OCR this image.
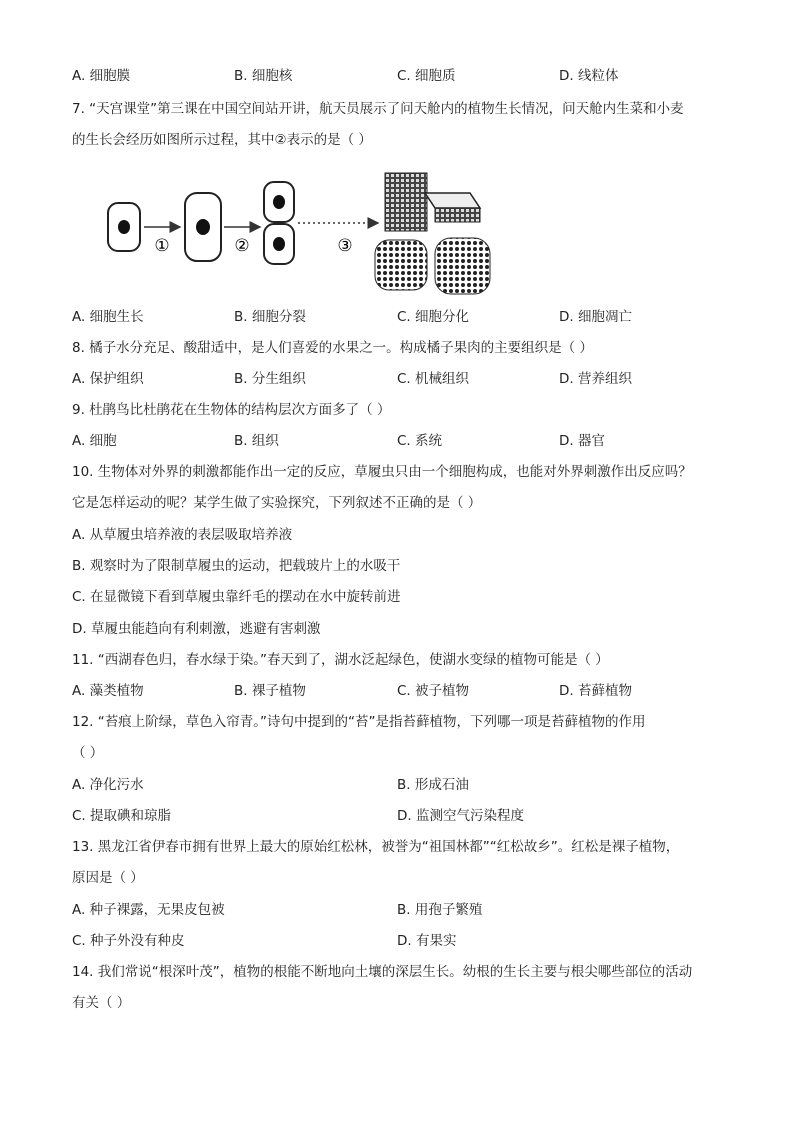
A. 细胞膜	B. 细胞核	C. 细胞质	D. 线粒体
7. “天宫课堂”第三课在中国空间站开讲，航天员展示了问天舱内的植物生长情况，问天舱内生菜和小麦
的生长会经历如图所示过程，其中②表示的是（ ）
①	②	③
A. 细胞生长	B. 细胞分裂	C. 细胞分化	D. 细胞凋亡
8. 橘子水分充足、酸甜适中，是人们喜爱的水果之一。构成橘子果肉的主要组织是（ ）
A. 保护组织	B. 分生组织	C. 机械组织	D. 营养组织
9. 杜鹃鸟比杜鹃花在生物体的结构层次方面多了（ ）
A. 细胞	B. 组织	C. 系统	D. 器官
10. 生物体对外界的刺激都能作出一定的反应，草履虫只由一个细胞构成，也能对外界刺激作出反应吗？
它是怎样运动的呢？某学生做了实验探究，下列叙述不正确的是（ ）
A. 从草履虫培养液的表层吸取培养液
B. 观察时为了限制草履虫的运动，把载玻片上的水吸干
C. 在显微镜下看到草履虫靠纤毛的摆动在水中旋转前进
D. 草履虫能趋向有利刺激，逃避有害刺激
11. “西湖春色归，春水绿于染。”春天到了，湖水泛起绿色，使湖水变绿的植物可能是（ ）
A. 藻类植物	B. 裸子植物	C. 被子植物	D. 苔藓植物
12. “苔痕上阶绿，草色入帘青。”诗句中提到的“苔”是指苔藓植物，下列哪一项是苔藓植物的作用
（ ）
A. 净化污水	B. 形成石油
C. 提取碘和琼脂	D. 监测空气污染程度
13. 黑龙江省伊春市拥有世界上最大的原始红松林，被誉为“祖国林都”“红松故乡”。红松是裸子植物，
原因是（ ）
A. 种子裸露，无果皮包被	B. 用孢子繁殖
C. 种子外没有种皮	D. 有果实
14. 我们常说“根深叶茂”，植物的根能不断地向土壤的深层生长。幼根的生长主要与根尖哪些部位的活动
有关（ ）
